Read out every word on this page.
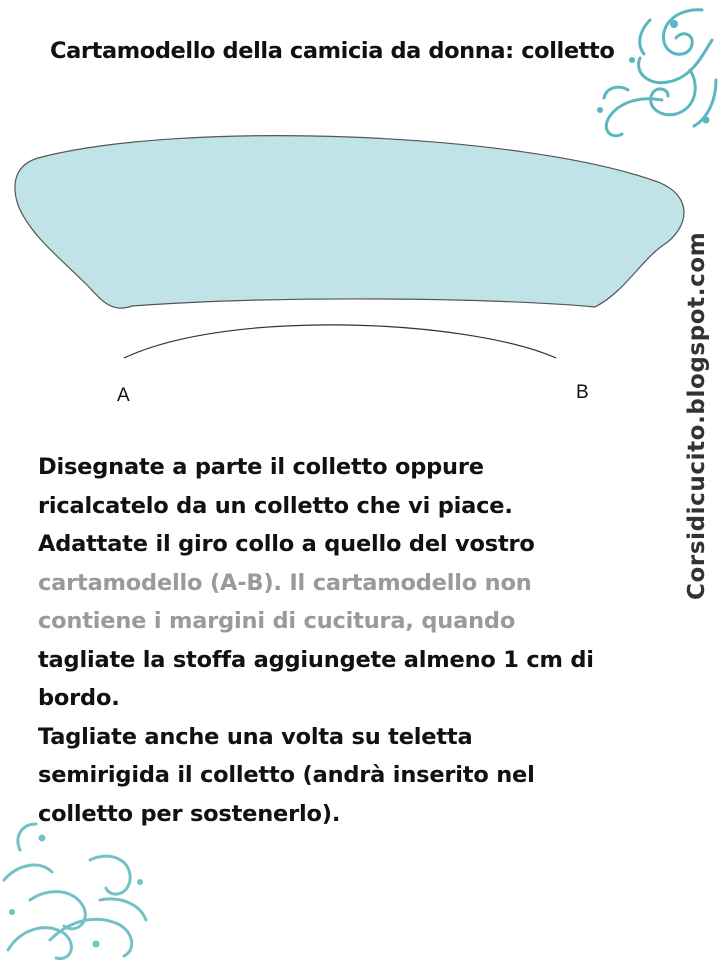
Cartamodello della camicia da donna: colletto
A	B
Disegnate a parte il colletto oppure
ricalcatelo da un colletto che vi piace.
Adattate il giro collo a quello del vostro
cartamodello (A-B). Il cartamodello non
contiene i margini di cucitura, quando
tagliate la stoffa aggiungete almeno 1 cm di
bordo.
Tagliate anche una volta su teletta
semirigida il colletto (andrà inserito nel
colletto per sostenerlo).
Corsidicucito.blogspot.com
